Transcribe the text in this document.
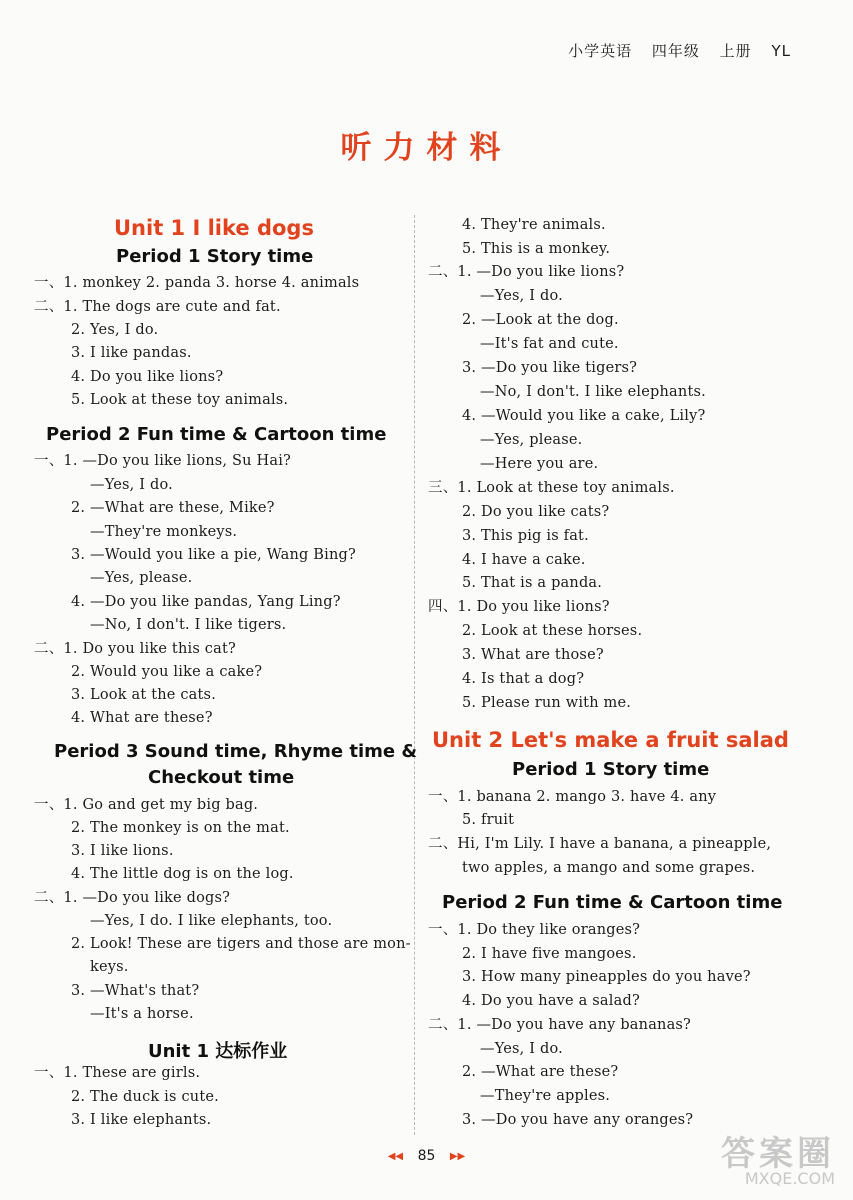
小学英语 四年级 上册 YL
听力材料
Unit 1 I like dogs
Period 1 Story time
一、1. monkey 2. panda 3. horse 4. animals
二、1. The dogs are cute and fat.
2. Yes, I do.
3. I like pandas.
4. Do you like lions?
5. Look at these toy animals.
Period 2 Fun time & Cartoon time
一、1. —Do you like lions, Su Hai?
—Yes, I do.
2. —What are these, Mike?
—They're monkeys.
3. —Would you like a pie, Wang Bing?
—Yes, please.
4. —Do you like pandas, Yang Ling?
—No, I don't. I like tigers.
二、1. Do you like this cat?
2. Would you like a cake?
3. Look at the cats.
4. What are these?
Period 3 Sound time, Rhyme time &
Checkout time
一、1. Go and get my big bag.
2. The monkey is on the mat.
3. I like lions.
4. The little dog is on the log.
二、1. —Do you like dogs?
—Yes, I do. I like elephants, too.
2. Look! These are tigers and those are mon-
keys.
3. —What's that?
—It's a horse.
Unit 1 达标作业
一、1. These are girls.
2. The duck is cute.
3. I like elephants.
4. They're animals.
5. This is a monkey.
二、1. —Do you like lions?
—Yes, I do.
2. —Look at the dog.
—It's fat and cute.
3. —Do you like tigers?
—No, I don't. I like elephants.
4. —Would you like a cake, Lily?
—Yes, please.
—Here you are.
三、1. Look at these toy animals.
2. Do you like cats?
3. This pig is fat.
4. I have a cake.
5. That is a panda.
四、1. Do you like lions?
2. Look at these horses.
3. What are those?
4. Is that a dog?
5. Please run with me.
Unit 2 Let's make a fruit salad
Period 1 Story time
一、1. banana 2. mango 3. have 4. any
5. fruit
二、Hi, I'm Lily. I have a banana, a pineapple,
two apples, a mango and some grapes.
Period 2 Fun time & Cartoon time
一、1. Do they like oranges?
2. I have five mangoes.
3. How many pineapples do you have?
4. Do you have a salad?
二、1. —Do you have any bananas?
—Yes, I do.
2. —What are these?
—They're apples.
3. —Do you have any oranges?
◀◀ 85 ▶▶	答案圈
MXQE.COM
